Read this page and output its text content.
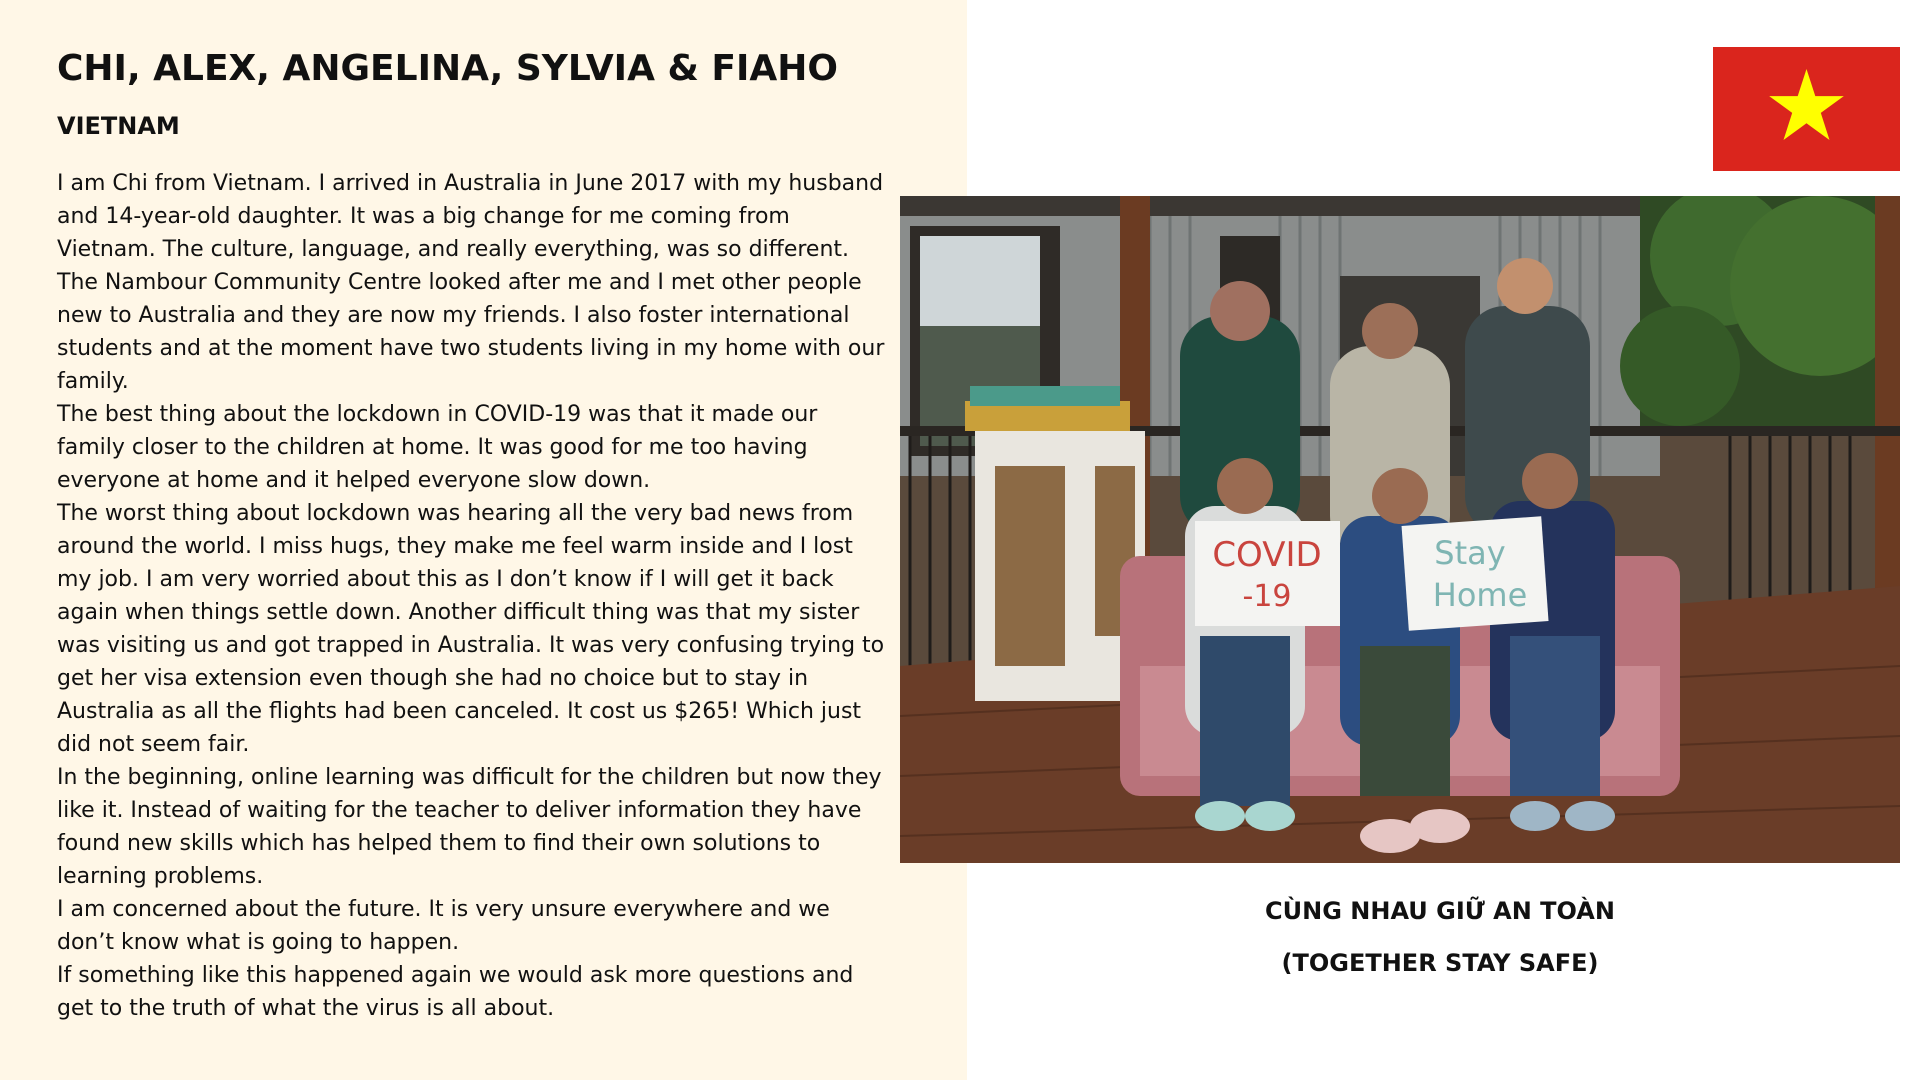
CHI, ALEX, ANGELINA, SYLVIA & FIAHO
VIETNAM

I am Chi from Vietnam. I arrived in Australia in June 2017 with my husband and 14-year-old daughter. It was a big change for me coming from Vietnam. The culture, language, and really everything, was so different. The Nambour Community Centre looked after me and I met other people new to Australia and they are now my friends. I also foster international students and at the moment have two students living in my home with our family.

The best thing about the lockdown in COVID-19 was that it made our family closer to the children at home. It was good for me too having everyone at home and it helped everyone slow down.

The worst thing about lockdown was hearing all the very bad news from around the world. I miss hugs, they make me feel warm inside and I lost my job. I am very worried about this as I don’t know if I will get it back again when things settle down. Another difficult thing was that my sister was visiting us and got trapped in Australia. It was very confusing trying to get her visa extension even though she had no choice but to stay in Australia as all the flights had been canceled. It cost us $265! Which just did not seem fair.

In the beginning, online learning was difficult for the children but now they like it. Instead of waiting for the teacher to deliver information they have found new skills which has helped them to find their own solutions to learning problems.

I am concerned about the future. It is very unsure everywhere and we don’t know what is going to happen.

If something like this happened again we would ask more questions and get to the truth of what the virus is all about.

COVID
-19
Stay
Home
CÙNG NHAU GIỮ AN TOÀN
(TOGETHER STAY SAFE)
